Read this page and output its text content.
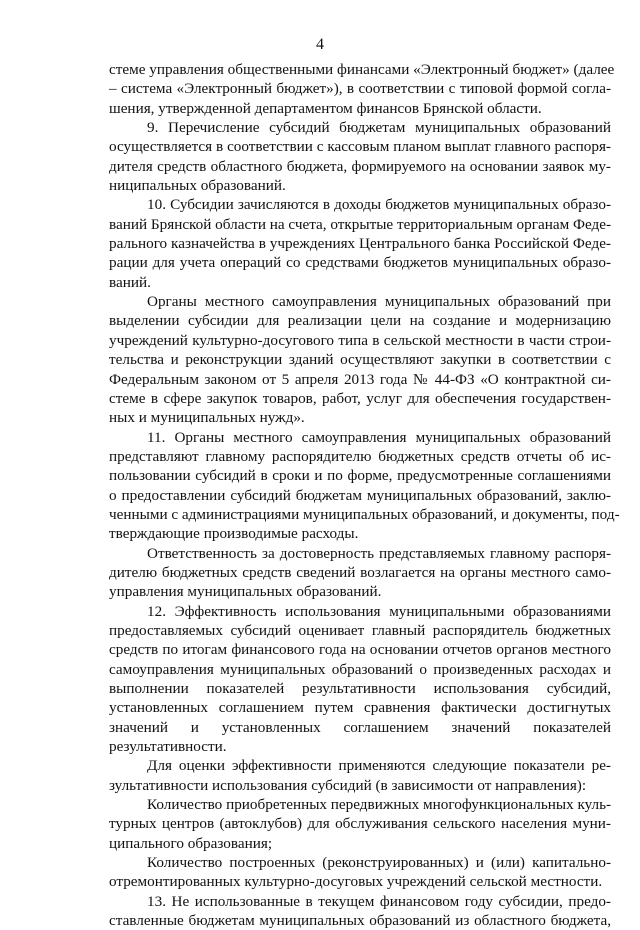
4
стеме управления общественными финансами «Электронный бюджет» (далее
– система «Электронный бюджет»), в соответствии с типовой формой согла-
шения, утвержденной департаментом финансов Брянской области.
9. Перечисление субсидий бюджетам муниципальных образований
осуществляется в соответствии с кассовым планом выплат главного распоря-
дителя средств областного бюджета, формируемого на основании заявок му-
ниципальных образований.
10. Субсидии зачисляются в доходы бюджетов муниципальных образо-
ваний Брянской области на счета, открытые территориальным органам Феде-
рального казначейства в учреждениях Центрального банка Российской Феде-
рации для учета операций со средствами бюджетов муниципальных образо-
ваний.
Органы местного самоуправления муниципальных образований при
выделении субсидии для реализации цели на создание и модернизацию
учреждений культурно-досугового типа в сельской местности в части строи-
тельства и реконструкции зданий осуществляют закупки в соответствии с
Федеральным законом от 5 апреля 2013 года № 44-ФЗ «О контрактной си-
стеме в сфере закупок товаров, работ, услуг для обеспечения государствен-
ных и муниципальных нужд».
11. Органы местного самоуправления муниципальных образований
представляют главному распорядителю бюджетных средств отчеты об ис-
пользовании субсидий в сроки и по форме, предусмотренные соглашениями
о предоставлении субсидий бюджетам муниципальных образований, заклю-
ченными с администрациями муниципальных образований, и документы, под-
тверждающие производимые расходы.
Ответственность за достоверность представляемых главному распоря-
дителю бюджетных средств сведений возлагается на органы местного само-
управления муниципальных образований.
12. Эффективность использования муниципальными образованиями
предоставляемых субсидий оценивает главный распорядитель бюджетных
средств по итогам финансового года на основании отчетов органов местного
самоуправления муниципальных образований о произведенных расходах и
выполнении показателей результативности использования субсидий,
установленных соглашением путем сравнения фактически достигнутых
значений и установленных соглашением значений показателей
результативности.
Для оценки эффективности применяются следующие показатели ре-
зультативности использования субсидий (в зависимости от направления):
Количество приобретенных передвижных многофункциональных куль-
турных центров (автоклубов) для обслуживания сельского населения муни-
ципального образования;
Количество построенных (реконструированных) и (или) капитально-
отремонтированных культурно-досуговых учреждений сельской местности.
13. Не использованные в текущем финансовом году субсидии, предо-
ставленные бюджетам муниципальных образований из областного бюджета,
